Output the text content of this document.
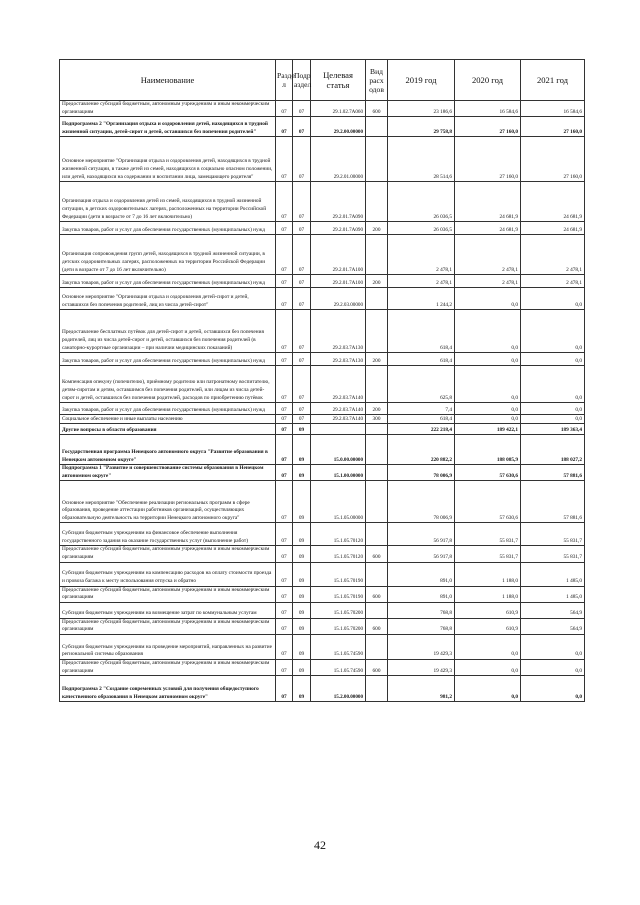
Наименование	Разде л	Подр аздел	Целевая статья	Вид расх одов	2019 год	2020 год	2021 год
Предоставление субсидий бюджетным, автономным учреждениям и иным некоммерческим организациям	07	07	29.1.02.7А060	600	23 186,6	16 584,6	16 584,6
Подпрограмма 2 "Организация отдыха и оздоровления детей, находящихся в трудной жизненной ситуации, детей-сирот и детей, оставшихся без попечения родителей"	07	07	29.2.00.00000		29 758,8	27 160,0	27 160,0
Основное мероприятие "Организация отдыха и оздоровления детей, находящихся в трудной жизненной ситуации, в также детей из семей, находящихся в социально опасном положении, или детей, находящихся на содержании и воспитании лица, замещающего родителя"	07	07	29.2.01.00000		28 514,6	27 160,0	27 160,0
Организация отдыха и оздоровления детей из семей, находящихся в трудной жизненной ситуации, в детских оздоровительных лагерях, расположенных на территории Российской Федерации (дети в возрасте от 7 до 16 лет включительно)	07	07	29.2.01.7А090		26 036,5	24 681,9	24 681,9
Закупка товаров, работ и услуг для обеспечения государственных (муниципальных) нужд	07	07	29.2.01.7А090	200	26 036,5	24 681,9	24 681,9
Организация сопровождения групп детей, находящихся в трудной жизненной ситуации, в детских оздоровительных лагерях, расположенных на территории Российской Федерации (дети в возрасте от 7 до 16 лет включительно)	07	07	29.2.01.7А100		2 478,1	2 478,1	2 478,1
Закупка товаров, работ и услуг для обеспечения государственных (муниципальных) нужд	07	07	29.2.01.7А100	200	2 478,1	2 478,1	2 478,1
Основное мероприятие "Организация отдыха и оздоровления детей-сирот и детей, оставшихся без попечения родителей, лиц из числа детей-сирот"	07	07	29.2.03.00000		1 244,2	0,0	0,0
Предоставление бесплатных путёвок для детей-сирот и детей, оставшихся без попечения родителей, лиц из числа детей-сирот и детей, оставшихся без попечения родителей (в санаторно-курортные организации – при наличии медицинских показаний)	07	07	29.2.03.7А130		618,4	0,0	0,0
Закупка товаров, работ и услуг для обеспечения государственных (муниципальных) нужд	07	07	29.2.03.7А130	200	618,4	0,0	0,0
Компенсация опекуну (попечителю), приёмному родителю или патронатному воспитателю, детям-сиротам и детям, оставшимся без попечения родителей, или лицам из числа детей-сирот и детей, оставшихся без попечения родителей, расходов по приобретению путёвок	07	07	29.2.03.7А140		625,8	0,0	0,0
Закупка товаров, работ и услуг для обеспечения государственных (муниципальных) нужд	07	07	29.2.03.7А140	200	7,4	0,0	0,0
Социальное обеспечение и иные выплаты населению	07	07	29.2.03.7А140	300	618,4	0,0	0,0
Другие вопросы в области образования	07	09			222 218,4	189 422,1	189 363,4
Государственная программа Ненецкого автономного округа "Развитие образования в Ненецком автономном округе"	07	09	15.0.00.00000		220 882,2	188 085,9	188 027,2
Подпрограмма 1 "Развитие и совершенствование системы образования в Ненецком автономном округе"	07	09	15.1.00.00000		78 006,9	57 630,6	57 881,6
Основное мероприятие "Обеспечение реализации региональных программ в сфере образования, проведение аттестации работников организаций, осуществляющих образовательную деятельность на территории Ненецкого автономного округа"	07	09	15.1.05.00000		78 006,9	57 630,6	57 881,6
Субсидии бюджетным учреждениям на финансовое обеспечение выполнения государственного задания на оказание государственных услуг (выполнение работ)	07	09	15.1.05.70120		56 917,8	55 831,7	55 831,7
Предоставление субсидий бюджетным, автономным учреждениям и иным некоммерческим организациям	07	09	15.1.05.70120	600	56 917,8	55 831,7	55 831,7
Субсидии бюджетным учреждениям на компенсацию расходов на оплату стоимости проезда и провоза багажа к месту использования отпуска и обратно	07	09	15.1.05.70190		891,0	1 188,0	1 485,0
Предоставление субсидий бюджетным, автономным учреждениям и иным некоммерческим организациям	07	09	15.1.05.70190	600	891,0	1 188,0	1 485,0
Субсидии бюджетным учреждениям на возмещение затрат по коммунальным услугам	07	09	15.1.05.70200		768,8	610,9	564,9
Предоставление субсидий бюджетным, автономным учреждениям и иным некоммерческим организациям	07	09	15.1.05.70200	600	768,8	610,9	564,9
Субсидии бюджетным учреждениям на проведение мероприятий, направленных на развитие региональной системы образования	07	09	15.1.05.74590		19 429,3	0,0	0,0
Предоставление субсидий бюджетным, автономным учреждениям и иным некоммерческим организациям	07	09	15.1.05.74590	600	19 429,3	0,0	0,0
Подпрограмма 2 "Создание современных условий для получения общедоступного качественного образования в Ненецком автономном округе"	07	09	15.2.00.00000		981,2	0,0	0,0
42
